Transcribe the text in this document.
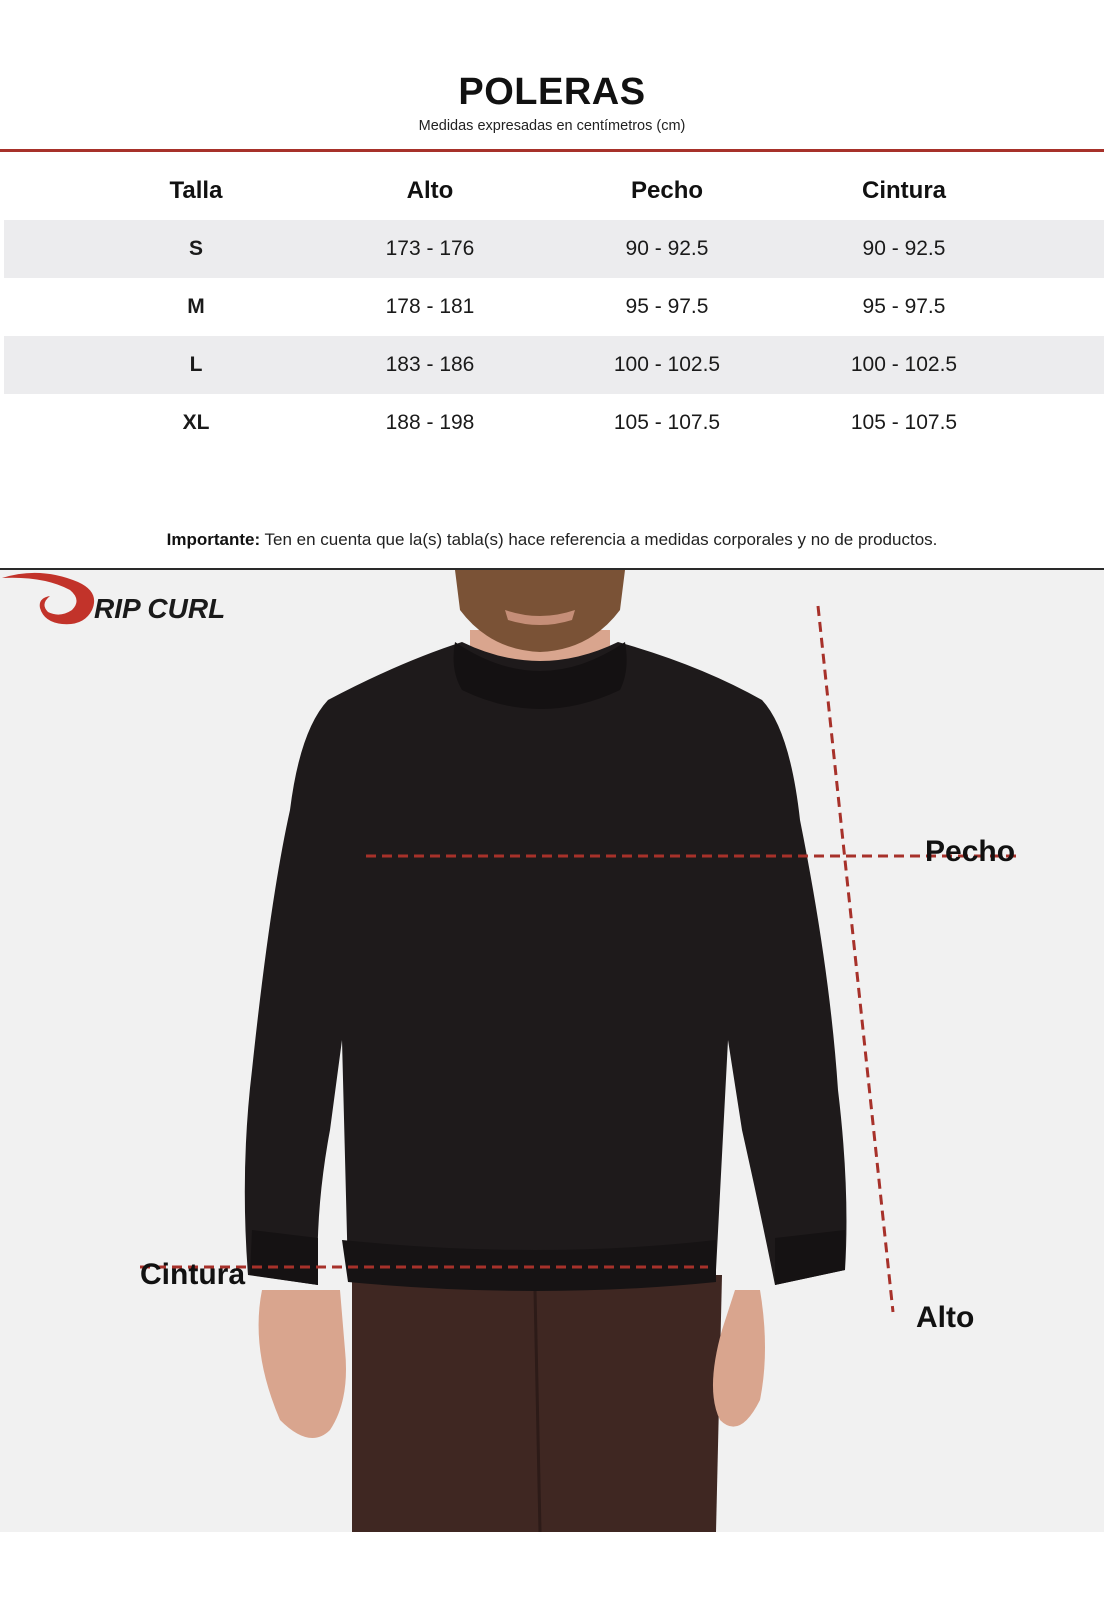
POLERAS
Medidas expresadas en centímetros (cm)
Talla	Alto	Pecho	Cintura
S	173 - 176	90 - 92.5	90 - 92.5
M	178 - 181	95 - 97.5	95 - 97.5
L	183 - 186	100 - 102.5	100 - 102.5
XL	188 - 198	105 - 107.5	105 - 107.5
Importante: Ten en cuenta que la(s) tabla(s) hace referencia a medidas corporales y no de productos.
Pecho
Cintura
Alto
RIP CURL
